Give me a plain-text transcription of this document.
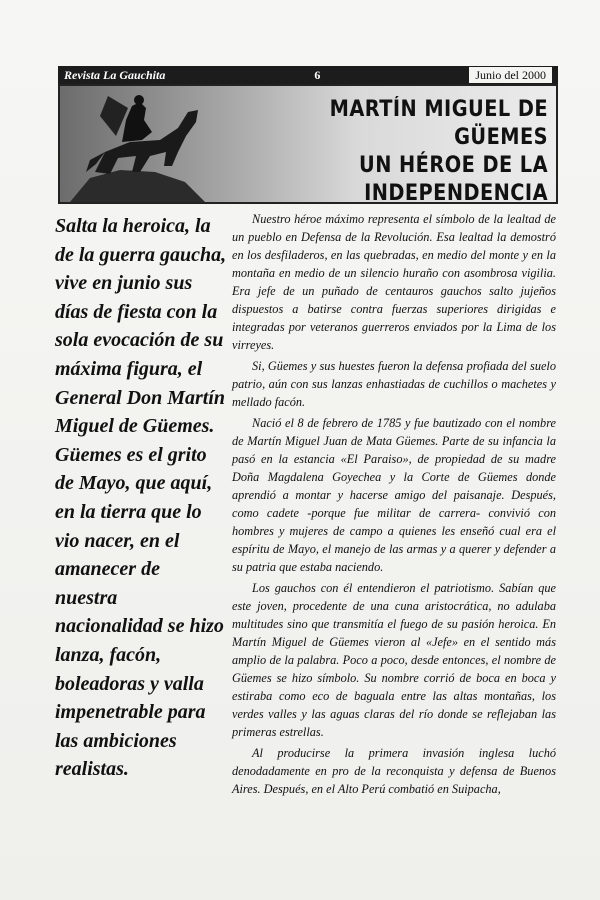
Revista La Gauchita	6	Junio del 2000
MARTÍN MIGUEL DE GÜEMES
UN HÉROE DE LA INDEPENDENCIA

Salta la heroica, la de la guerra gaucha, vive en junio sus días de fiesta con la sola evocación de su máxima figura, el General Don Martín Miguel de Güemes.

Güemes es el grito de Mayo, que aquí, en la tierra que lo vio nacer, en el amanecer de nuestra nacionalidad se hizo lanza, facón, boleadoras y valla impenetrable para las ambiciones realistas.

Nuestro héroe máximo representa el símbolo de la lealtad de un pueblo en Defensa de la Revolución. Esa lealtad la demostró en los desfiladeros, en las quebradas, en medio del monte y en la montaña en medio de un silencio huraño con asombrosa vigilia. Era jefe de un puñado de centauros gauchos salto jujeños dispuestos a batirse contra fuerzas superiores dirigidas e integradas por veteranos guerreros enviados por la Lima de los virreyes.

Si, Güemes y sus huestes fueron la defensa profiada del suelo patrio, aún con sus lanzas enhastiadas de cuchillos o machetes y mellado facón.

Nació el 8 de febrero de 1785 y fue bautizado con el nombre de Martín Miguel Juan de Mata Güemes. Parte de su infancia la pasó en la estancia «El Paraiso», de propiedad de su madre Doña Magdalena Goyechea y la Corte de Güemes donde aprendió a montar y hacerse amigo del paisanaje. Después, como cadete -porque fue militar de carrera- convivió con hombres y mujeres de campo a quienes les enseñó cual era el espíritu de Mayo, el manejo de las armas y a querer y defender a su patria que estaba naciendo.

Los gauchos con él entendieron el patriotismo. Sabían que este joven, procedente de una cuna aristocrática, no adulaba multitudes sino que transmitía el fuego de su pasión heroica. En Martín Miguel de Güemes vieron al «Jefe» en el sentido más amplio de la palabra. Poco a poco, desde entonces, el nombre de Güemes se hizo símbolo. Su nombre corrió de boca en boca y estiraba como eco de baguala entre las altas montañas, los verdes valles y las aguas claras del río donde se reflejaban las primeras estrellas.

Al producirse la primera invasión inglesa luchó denodadamente en pro de la reconquista y defensa de Buenos Aires. Después, en el Alto Perú combatió en Suipacha,
